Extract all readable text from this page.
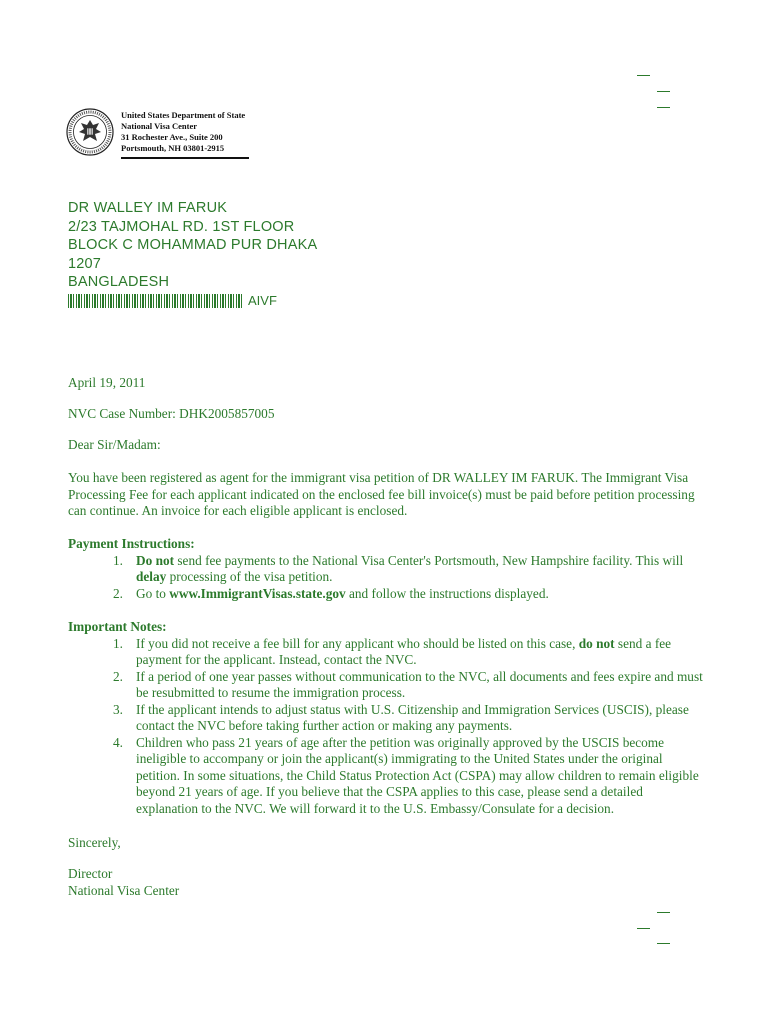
United States Department of State
National Visa Center
31 Rochester Ave., Suite 200
Portsmouth, NH 03801-2915
DR WALLEY IM FARUK
2/23 TAJMOHAL RD. 1ST FLOOR
BLOCK C MOHAMMAD PUR DHAKA
1207
BANGLADESH
AIVF
April 19, 2011
NVC Case Number: DHK2005857005
Dear Sir/Madam:
You have been registered as agent for the immigrant visa petition of DR WALLEY IM FARUK. The Immigrant Visa Processing Fee for each applicant indicated on the enclosed fee bill invoice(s) must be paid before petition processing can continue. An invoice for each eligible applicant is enclosed.
Payment Instructions:
1. Do not send fee payments to the National Visa Center's Portsmouth, New Hampshire facility. This will delay processing of the visa petition.
2. Go to www.ImmigrantVisas.state.gov and follow the instructions displayed.
Important Notes:
1. If you did not receive a fee bill for any applicant who should be listed on this case, do not send a fee payment for the applicant. Instead, contact the NVC.
2. If a period of one year passes without communication to the NVC, all documents and fees expire and must be resubmitted to resume the immigration process.
3. If the applicant intends to adjust status with U.S. Citizenship and Immigration Services (USCIS), please contact the NVC before taking further action or making any payments.
4. Children who pass 21 years of age after the petition was originally approved by the USCIS become ineligible to accompany or join the applicant(s) immigrating to the United States under the original petition. In some situations, the Child Status Protection Act (CSPA) may allow children to remain eligible beyond 21 years of age. If you believe that the CSPA applies to this case, please send a detailed explanation to the NVC. We will forward it to the U.S. Embassy/Consulate for a decision.
Sincerely,
Director
National Visa Center
